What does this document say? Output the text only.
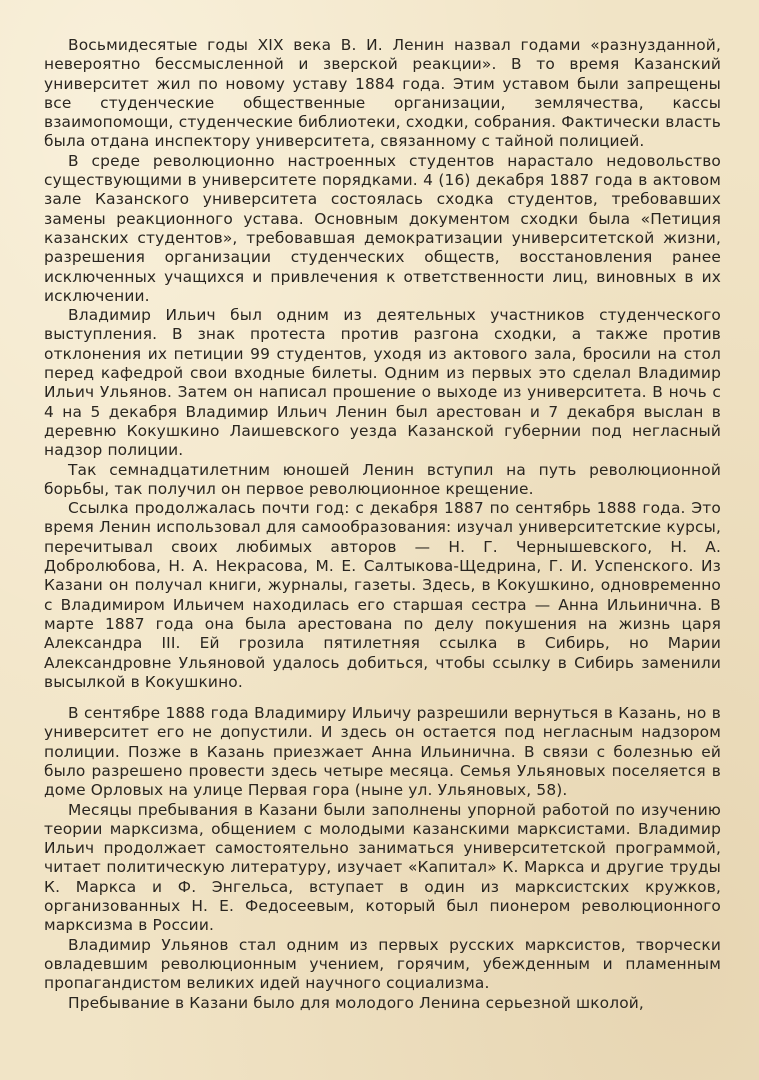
Восьмидесятые годы XIX века В. И. Ленин назвал годами «разнузданной, невероятно бессмысленной и зверской реакции». В то время Казанский университет жил по новому уставу 1884 года. Этим уставом были запрещены все студенческие общественные организации, землячества, кассы взаимопомощи, студенческие библиотеки, сходки, собрания. Фактически власть была отдана инспектору университета, связанному с тайной полицией.

В среде революционно настроенных студентов нарастало недовольство существующими в университете порядками. 4 (16) декабря 1887 года в актовом зале Казанского университета состоялась сходка студентов, требовавших замены реакционного устава. Основным документом сходки была «Петиция казанских студентов», требовавшая демократизации университетской жизни, разрешения организации студенческих обществ, восстановления ранее исключенных учащихся и привлечения к ответственности лиц, виновных в их исключении.

Владимир Ильич был одним из деятельных участников студенческого выступления. В знак протеста против разгона сходки, а также против отклонения их петиции 99 студентов, уходя из актового зала, бросили на стол перед кафедрой свои входные билеты. Одним из первых это сделал Владимир Ильич Ульянов. Затем он написал прошение о выходе из университета. В ночь с 4 на 5 декабря Владимир Ильич Ленин был арестован и 7 декабря выслан в деревню Кокушкино Лаишевского уезда Казанской губернии под негласный надзор полиции.

Так семнадцатилетним юношей Ленин вступил на путь революционной борьбы, так получил он первое революционное крещение.

Ссылка продолжалась почти год: с декабря 1887 по сентябрь 1888 года. Это время Ленин использовал для самообразования: изучал университетские курсы, перечитывал своих любимых авторов — Н. Г. Чернышевского, Н. А. Добролюбова, Н. А. Некрасова, М. Е. Салтыкова-Щедрина, Г. И. Успенского. Из Казани он получал книги, журналы, газеты. Здесь, в Кокушкино, одновременно с Владимиром Ильичем находилась его старшая сестра — Анна Ильинична. В марте 1887 года она была арестована по делу покушения на жизнь царя Александра III. Ей грозила пятилетняя ссылка в Сибирь, но Марии Александровне Ульяновой удалось добиться, чтобы ссылку в Сибирь заменили высылкой в Кокушкино.

В сентябре 1888 года Владимиру Ильичу разрешили вернуться в Казань, но в университет его не допустили. И здесь он остается под негласным надзором полиции. Позже в Казань приезжает Анна Ильинична. В связи с болезнью ей было разрешено провести здесь четыре месяца. Семья Ульяновых поселяется в доме Орловых на улице Первая гора (ныне ул. Ульяновых, 58).

Месяцы пребывания в Казани были заполнены упорной работой по изучению теории марксизма, общением с молодыми казанскими марксистами. Владимир Ильич продолжает самостоятельно заниматься университетской программой, читает политическую литературу, изучает «Капитал» К. Маркса и другие труды К. Маркса и Ф. Энгельса, вступает в один из марксистских кружков, организованных Н. Е. Федосеевым, который был пионером революционного марксизма в России.

Владимир Ульянов стал одним из первых русских марксистов, творчески овладевшим революционным учением, горячим, убежденным и пламенным пропагандистом великих идей научного социализма.

Пребывание в Казани было для молодого Ленина серьезной школой,
